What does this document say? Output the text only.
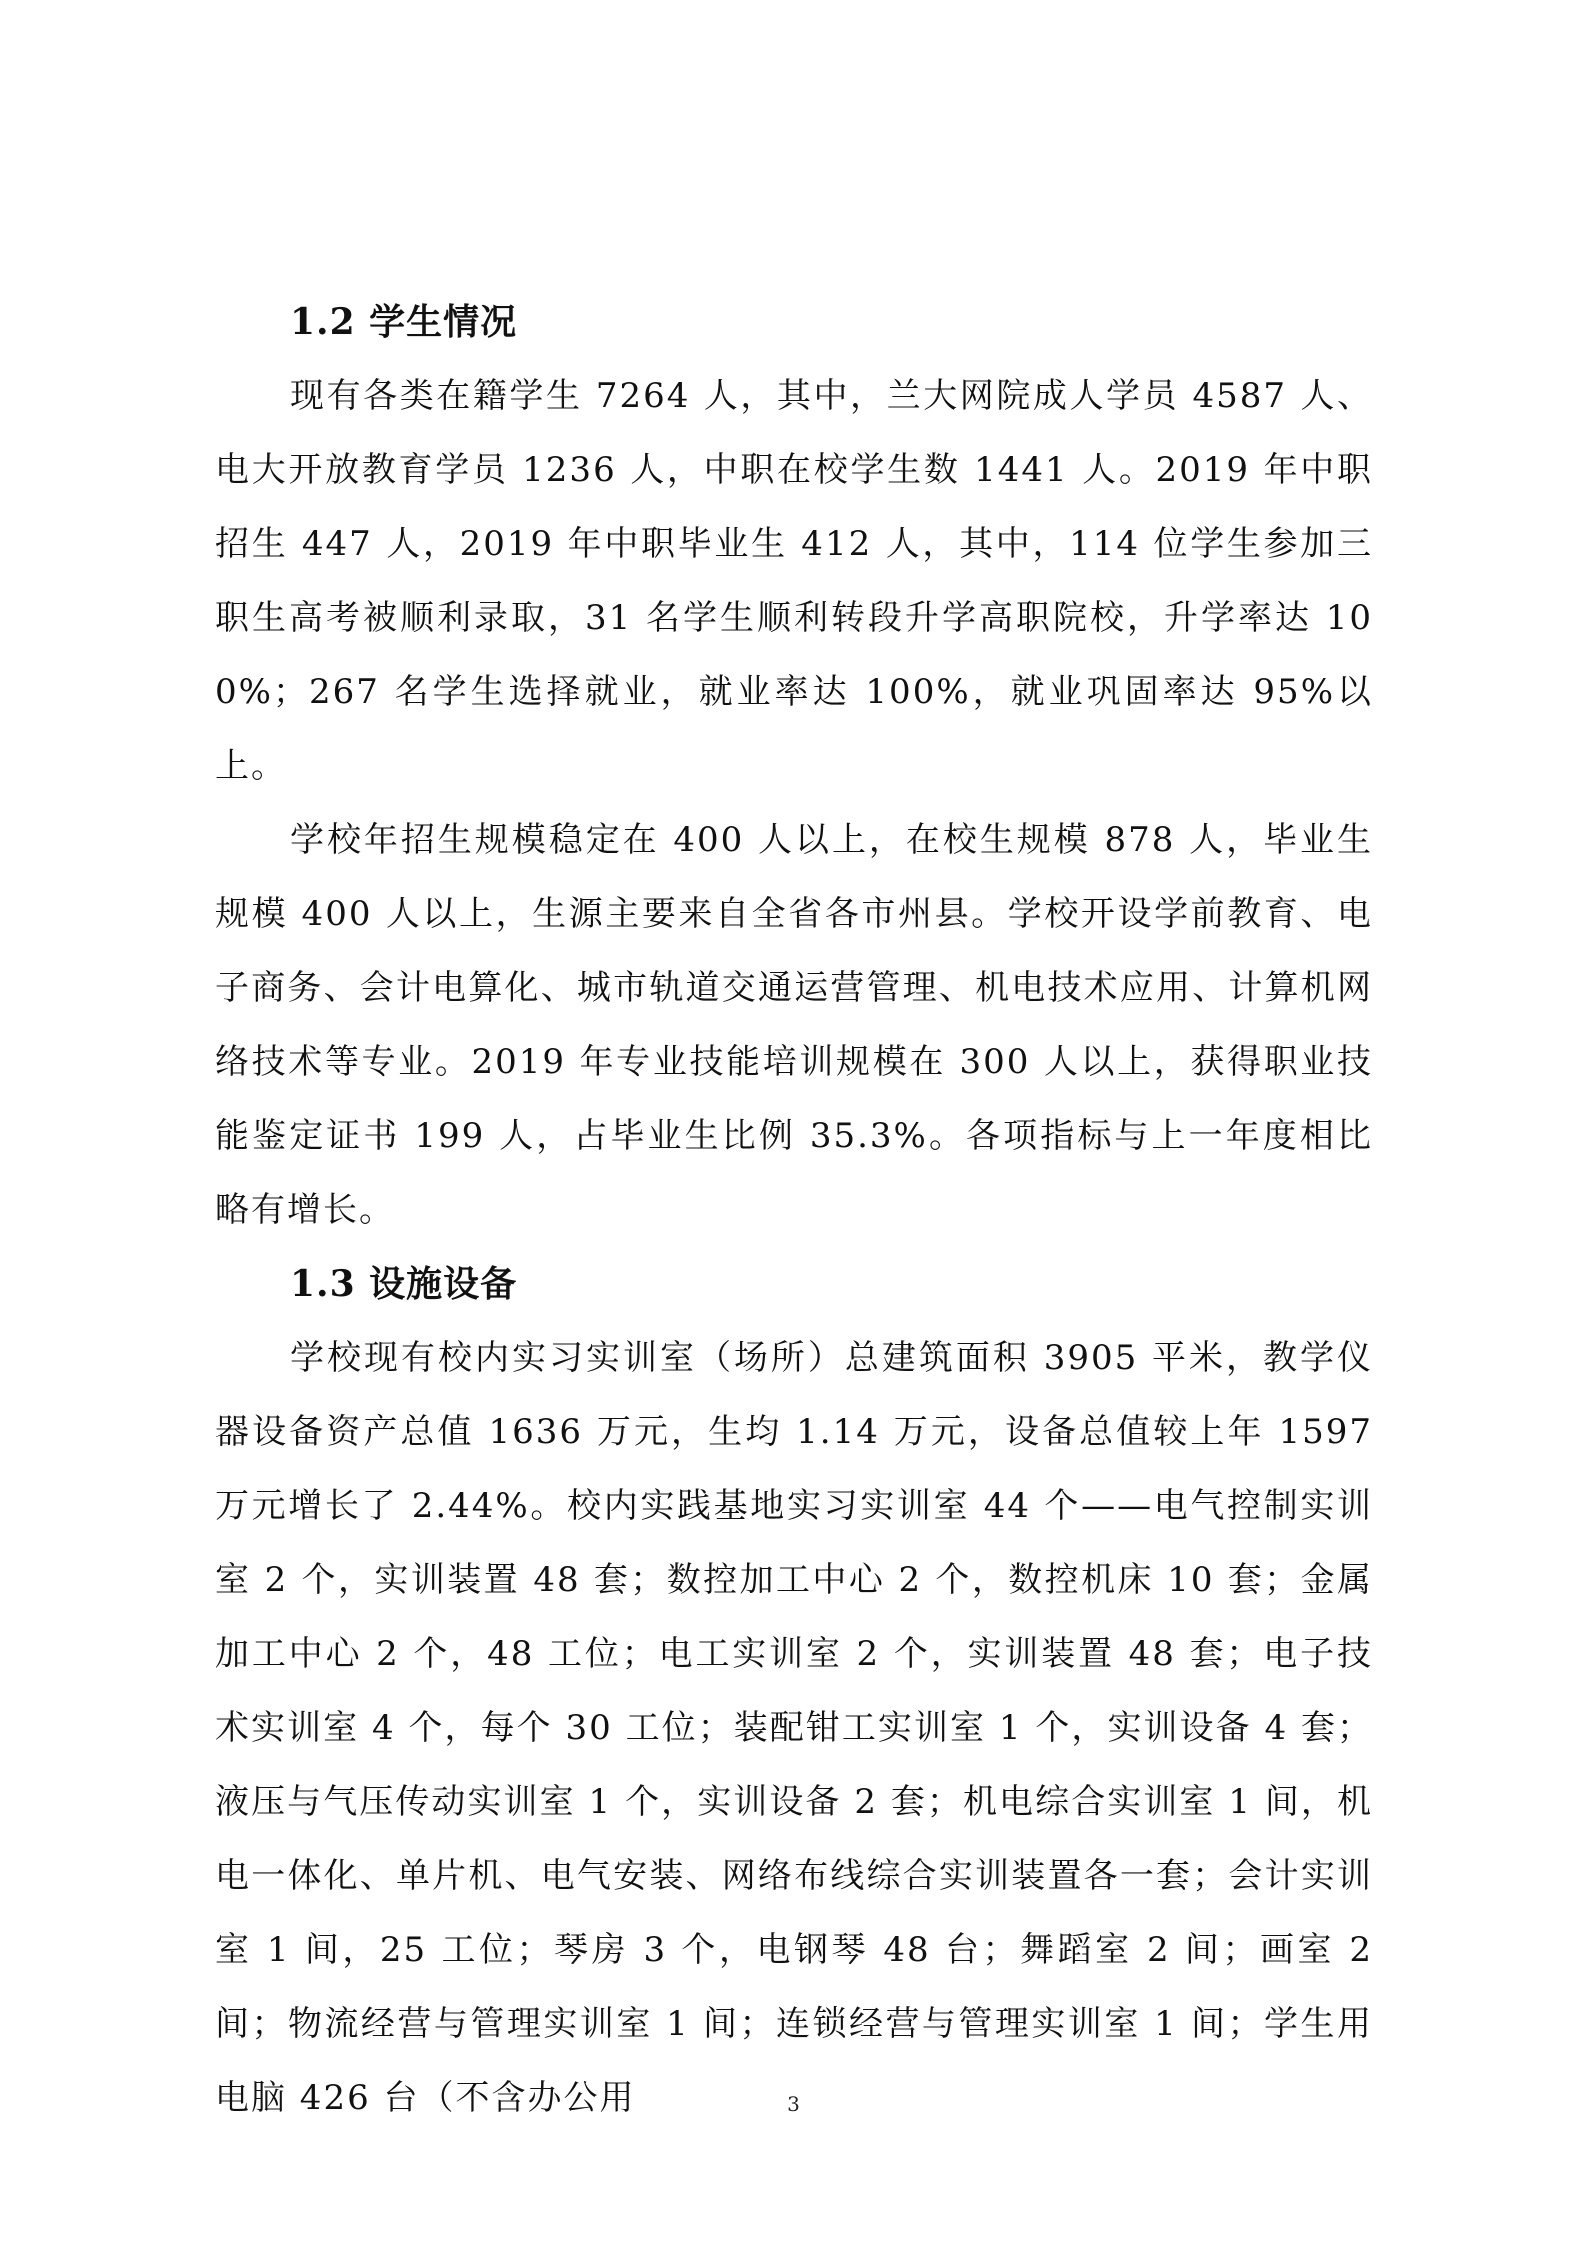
1.2 学生情况

现有各类在籍学生 7264 人，其中，兰大网院成人学员 4587 人、电大开放教育学员 1236 人，中职在校学生数 1441 人。2019 年中职招生 447 人，2019 年中职毕业生 412 人，其中，114 位学生参加三职生高考被顺利录取，31 名学生顺利转段升学高职院校，升学率达 100%；267 名学生选择就业，就业率达 100%，就业巩固率达 95%以上。

学校年招生规模稳定在 400 人以上，在校生规模 878 人，毕业生规模 400 人以上，生源主要来自全省各市州县。学校开设学前教育、电子商务、会计电算化、城市轨道交通运营管理、机电技术应用、计算机网络技术等专业。2019 年专业技能培训规模在 300 人以上，获得职业技能鉴定证书 199 人，占毕业生比例 35.3%。各项指标与上一年度相比略有增长。

1.3 设施设备

学校现有校内实习实训室（场所）总建筑面积 3905 平米，教学仪器设备资产总值 1636 万元，生均 1.14 万元，设备总值较上年 1597 万元增长了 2.44%。校内实践基地实习实训室 44 个——电气控制实训室 2 个，实训装置 48 套；数控加工中心 2 个，数控机床 10 套；金属加工中心 2 个，48 工位；电工实训室 2 个，实训装置 48 套；电子技术实训室 4 个，每个 30 工位；装配钳工实训室 1 个，实训设备 4 套；液压与气压传动实训室 1 个，实训设备 2 套；机电综合实训室 1 间，机电一体化、单片机、电气安装、网络布线综合实训装置各一套；会计实训室 1 间，25 工位；琴房 3 个，电钢琴 48 台；舞蹈室 2 间；画室 2 间；物流经营与管理实训室 1 间；连锁经营与管理实训室 1 间；学生用电脑 426 台（不含办公用	3
